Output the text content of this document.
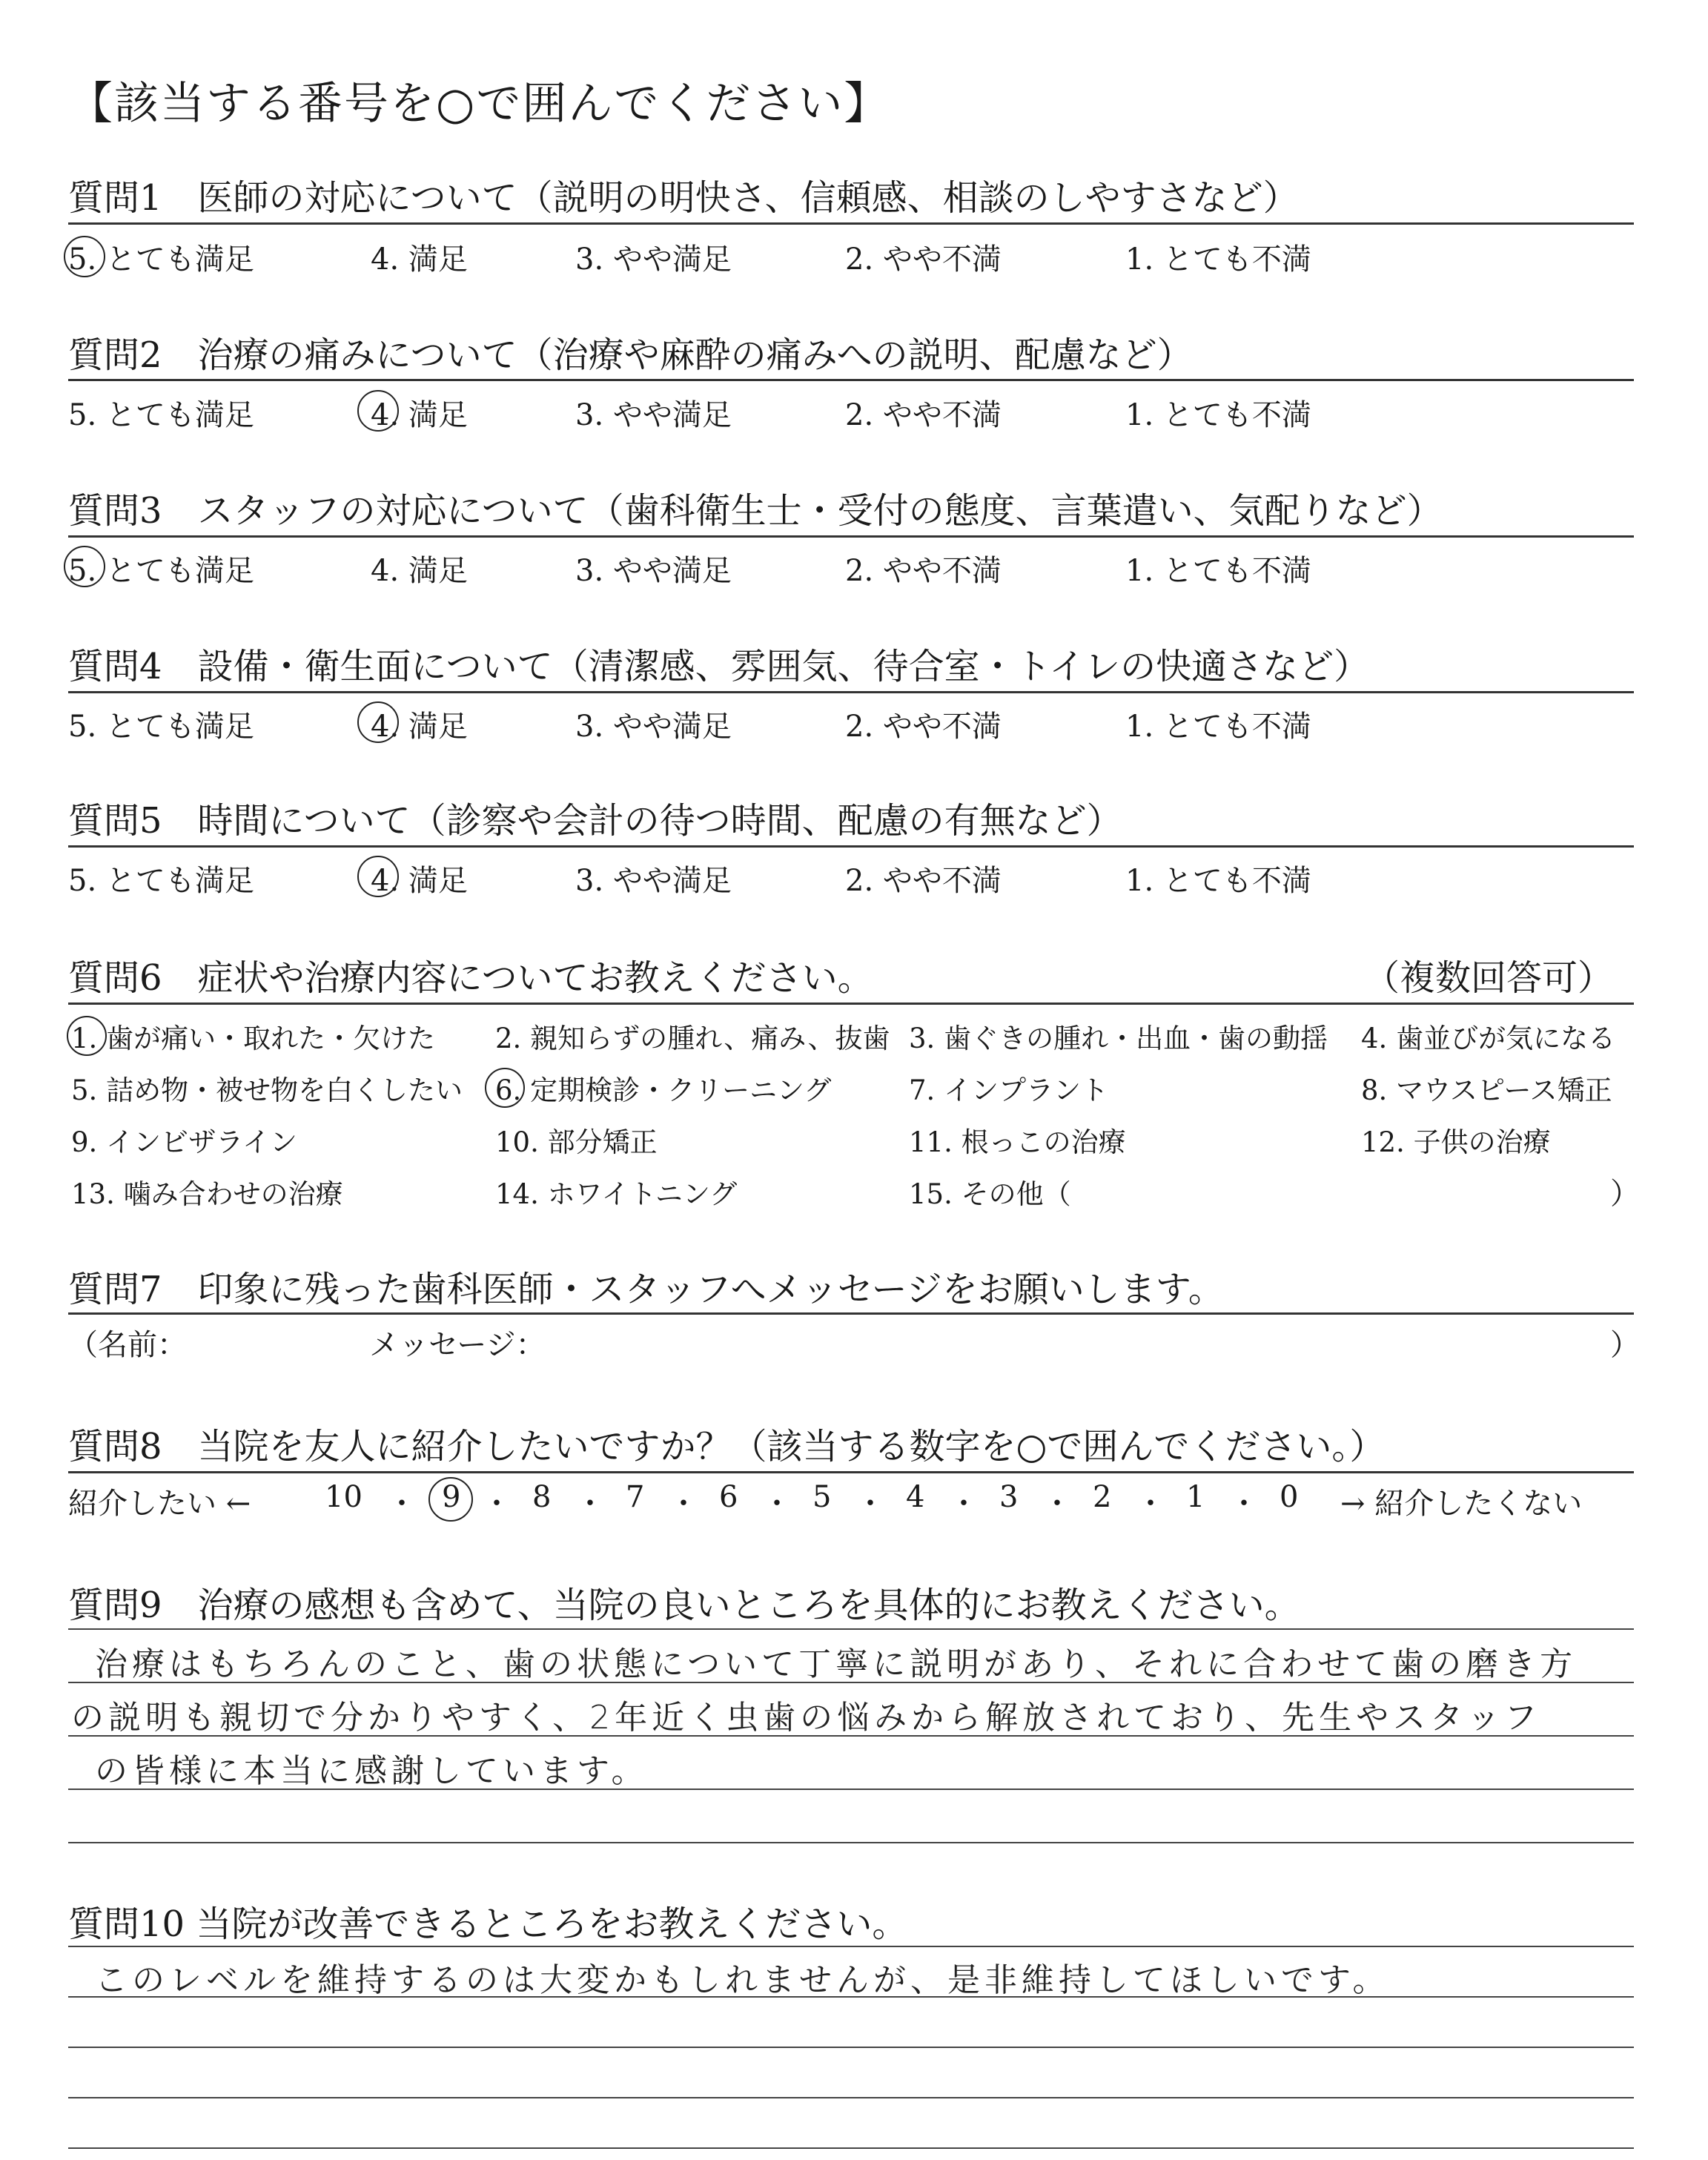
【該当する番号を○で囲んでください】
質問1　医師の対応について（説明の明快さ、信頼感、相談のしやすさなど）
5. とても満足	4. 満足	3. やや満足	2. やや不満	1. とても不満
質問2　治療の痛みについて（治療や麻酔の痛みへの説明、配慮など）
5. とても満足	4. 満足	3. やや満足	2. やや不満	1. とても不満
質問3　スタッフの対応について（歯科衛生士・受付の態度、言葉遣い、気配りなど）
5. とても満足	4. 満足	3. やや満足	2. やや不満	1. とても不満
質問4　設備・衛生面について（清潔感、雰囲気、待合室・トイレの快適さなど）
5. とても満足	4. 満足	3. やや満足	2. やや不満	1. とても不満
質問5　時間について（診察や会計の待つ時間、配慮の有無など）
5. とても満足	4. 満足	3. やや満足	2. やや不満	1. とても不満
質問6　症状や治療内容についてお教えください。	（複数回答可）
1. 歯が痛い・取れた・欠けた 2. 親知らずの腫れ、痛み、抜歯 3. 歯ぐきの腫れ・出血・歯の動揺 4. 歯並びが気になる
5. 詰め物・被せ物を白くしたい 6. 定期検診・クリーニング	7. インプラント	8. マウスピース矯正
9. インビザライン	10. 部分矯正	11. 根っこの治療	12. 子供の治療
13. 噛み合わせの治療	14. ホワイトニング	15. その他（	）
質問7　印象に残った歯科医師・スタッフへメッセージをお願いします。
（名前：	メッセージ：	）
質問8　当院を友人に紹介したいですか？（該当する数字を○で囲んでください。）
紹介したい ←	→ 紹介したくない
10 ・ 9 ・ 8 ・ 7 ・ 6 ・ 5 ・ 4 ・ 3 ・ 2 ・ 1 ・ 0
質問9　治療の感想も含めて、当院の良いところを具体的にお教えください。
治療はもちろんのこと、歯の状態について丁寧に説明があり、それに合わせて歯の磨き方
の説明も親切で分かりやすく、2年近く虫歯の悩みから解放されており、先生やスタッフ
の皆様に本当に感謝しています。
質問10 当院が改善できるところをお教えください。
このレベルを維持するのは大変かもしれませんが、是非維持してほしいです。
